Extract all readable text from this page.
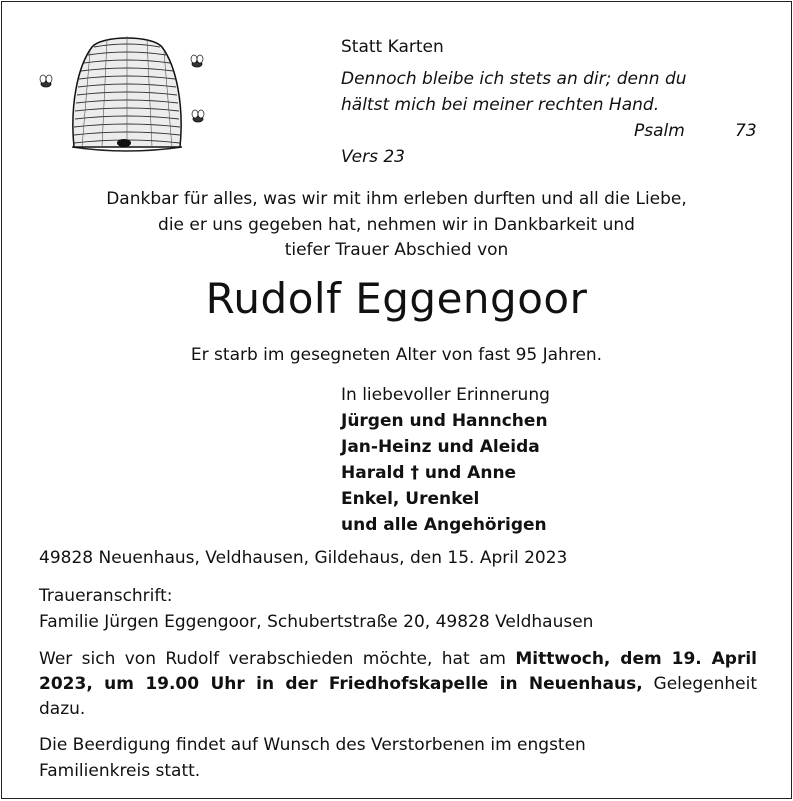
Statt Karten
Dennoch bleibe ich stets an dir; denn du
hältst mich bei meiner rechten Hand.
Psalm	73
Vers 23
Dankbar für alles, was wir mit ihm erleben durften und all die Liebe,
die er uns gegeben hat, nehmen wir in Dankbarkeit und
tiefer Trauer Abschied von
Rudolf Eggengoor
Er starb im gesegneten Alter von fast 95 Jahren.
In liebevoller Erinnerung
Jürgen und Hannchen
Jan-Heinz und Aleida
Harald † und Anne
Enkel, Urenkel
und alle Angehörigen
49828 Neuenhaus, Veldhausen, Gildehaus, den 15. April 2023
Traueranschrift:
Familie Jürgen Eggengoor, Schubertstraße 20, 49828 Veldhausen
Wer sich von Rudolf verabschieden möchte, hat am Mittwoch, dem 19. April 2023, um 19.00 Uhr in der Friedhofskapelle in Neuenhaus, Gelegenheit dazu.
Die Beerdigung findet auf Wunsch des Verstorbenen im engsten
Familienkreis statt.
